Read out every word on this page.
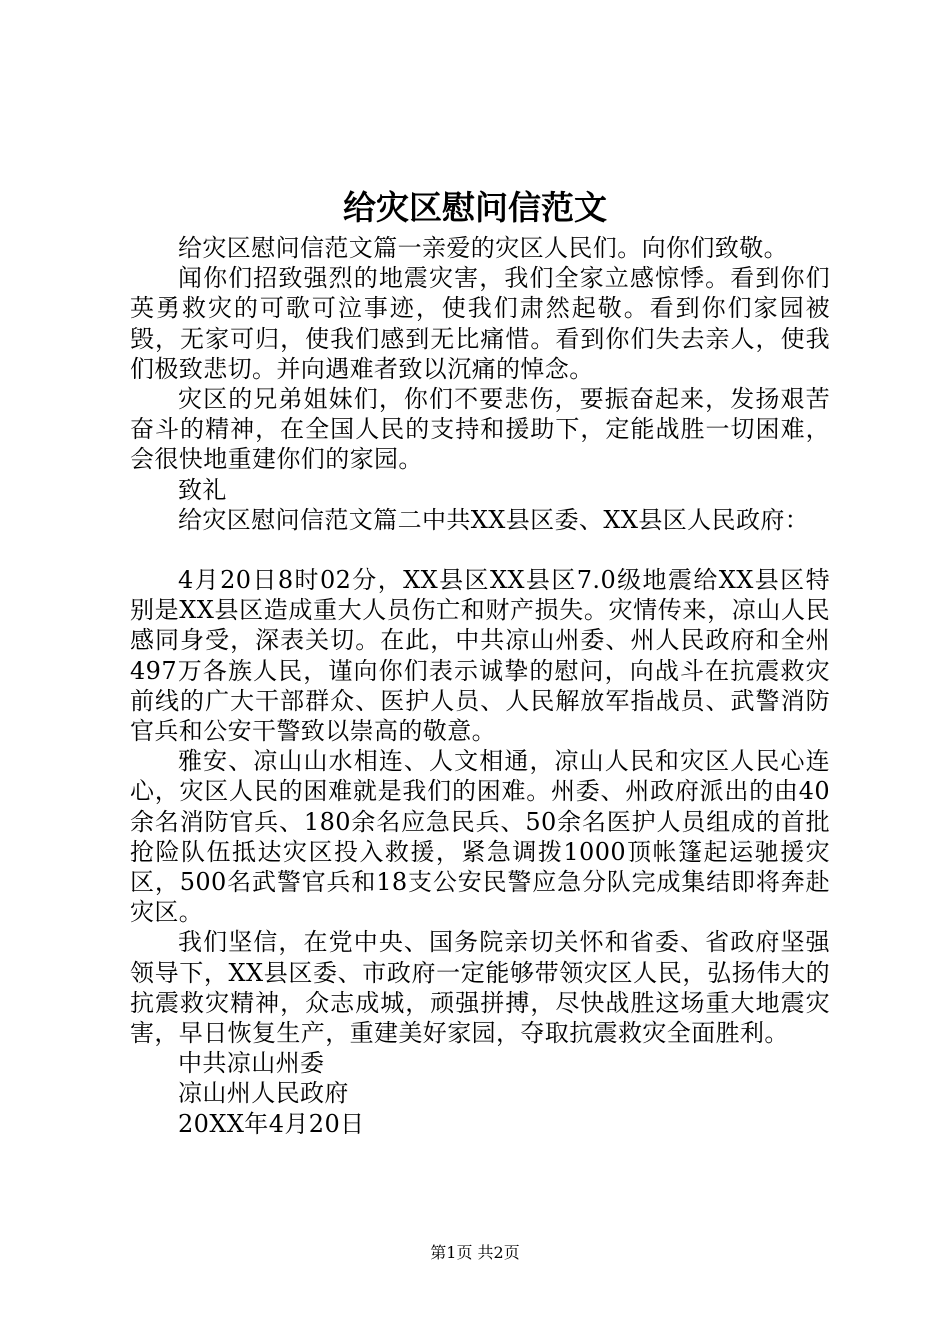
给灾区慰问信范文

给灾区慰问信范文篇一亲爱的灾区人民们。向你们致敬。

闻你们招致强烈的地震灾害，我们全家立感惊悸。看到你们英勇救灾的可歌可泣事迹，使我们肃然起敬。看到你们家园被毁，无家可归，使我们感到无比痛惜。看到你们失去亲人，使我们极致悲切。并向遇难者致以沉痛的悼念。

灾区的兄弟姐妹们，你们不要悲伤，要振奋起来，发扬艰苦奋斗的精神，在全国人民的支持和援助下，定能战胜一切困难，会很快地重建你们的家园。

致礼

给灾区慰问信范文篇二中共XX县区委、XX县区人民政府：

4月20日8时02分，XX县区XX县区7.0级地震给XX县区特别是XX县区造成重大人员伤亡和财产损失。灾情传来，凉山人民感同身受，深表关切。在此，中共凉山州委、州人民政府和全州497万各族人民，谨向你们表示诚挚的慰问，向战斗在抗震救灾前线的广大干部群众、医护人员、人民解放军指战员、武警消防官兵和公安干警致以崇高的敬意。

雅安、凉山山水相连、人文相通，凉山人民和灾区人民心连心，灾区人民的困难就是我们的困难。州委、州政府派出的由40余名消防官兵、180余名应急民兵、50余名医护人员组成的首批抢险队伍抵达灾区投入救援，紧急调拨1000顶帐篷起运驰援灾区，500名武警官兵和18支公安民警应急分队完成集结即将奔赴灾区。

我们坚信，在党中央、国务院亲切关怀和省委、省政府坚强领导下，XX县区委、市政府一定能够带领灾区人民，弘扬伟大的抗震救灾精神，众志成城，顽强拼搏，尽快战胜这场重大地震灾害，早日恢复生产，重建美好家园，夺取抗震救灾全面胜利。

中共凉山州委

凉山州人民政府

20XX年4月20日

第1页 共2页
